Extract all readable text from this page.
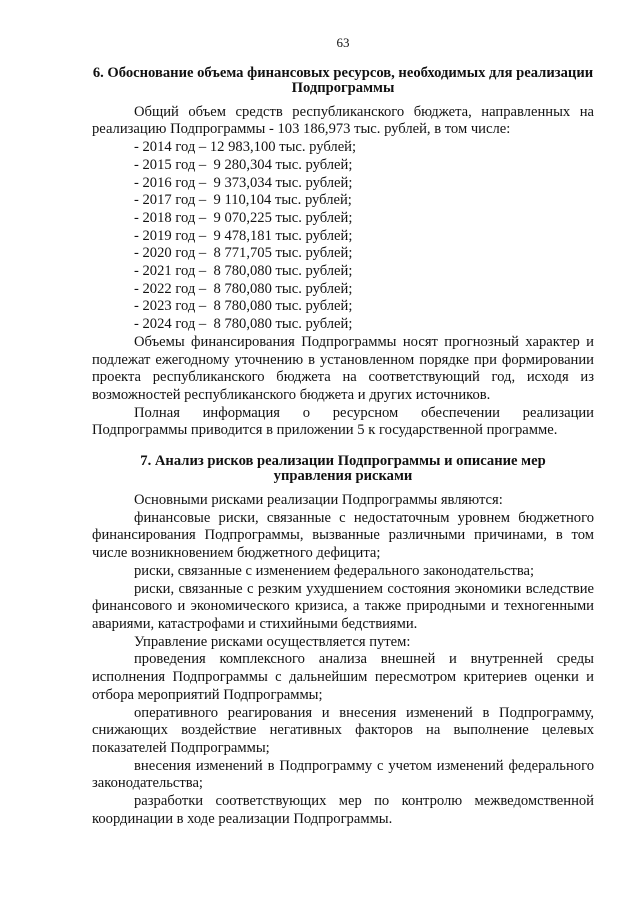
63
6. Обоснование объема финансовых ресурсов, необходимых для реализации
Подпрограммы

Общий объем средств республиканского бюджета, направленных на реализацию Подпрограммы - 103 186,973 тыс. рублей, в том числе:

- 2014 год – 12 983,100 тыс. рублей;
- 2015 год –  9 280,304 тыс. рублей;
- 2016 год –  9 373,034 тыс. рублей;
- 2017 год –  9 110,104 тыс. рублей;
- 2018 год –  9 070,225 тыс. рублей;
- 2019 год –  9 478,181 тыс. рублей;
- 2020 год –  8 771,705 тыс. рублей;
- 2021 год –  8 780,080 тыс. рублей;
- 2022 год –  8 780,080 тыс. рублей;
- 2023 год –  8 780,080 тыс. рублей;
- 2024 год –  8 780,080 тыс. рублей;

Объемы финансирования Подпрограммы носят прогнозный характер и подлежат ежегодному уточнению в установленном порядке при формировании проекта республиканского бюджета на соответствующий год, исходя из возможностей республиканского бюджета и других источников.

Полная информация о ресурсном обеспечении реализации Подпрограммы приводится в приложении 5 к государственной программе.

7. Анализ рисков реализации Подпрограммы и описание мер
управления рисками

Основными рисками реализации Подпрограммы являются:

финансовые риски, связанные с недостаточным уровнем бюджетного финансирования Подпрограммы, вызванные различными причинами, в том числе возникновением бюджетного дефицита;

риски, связанные с изменением федерального законодательства;

риски, связанные с резким ухудшением состояния экономики вследствие финансового и экономического кризиса, а также природными и техногенными авариями, катастрофами и стихийными бедствиями.

Управление рисками осуществляется путем:

проведения комплексного анализа внешней и внутренней среды исполнения Подпрограммы с дальнейшим пересмотром критериев оценки и отбора мероприятий Подпрограммы;

оперативного реагирования и внесения изменений в Подпрограмму, снижающих воздействие негативных факторов на выполнение целевых показателей Подпрограммы;

внесения изменений в Подпрограмму с учетом изменений федерального законодательства;

разработки соответствующих мер по контролю межведомственной координации в ходе реализации Подпрограммы.
